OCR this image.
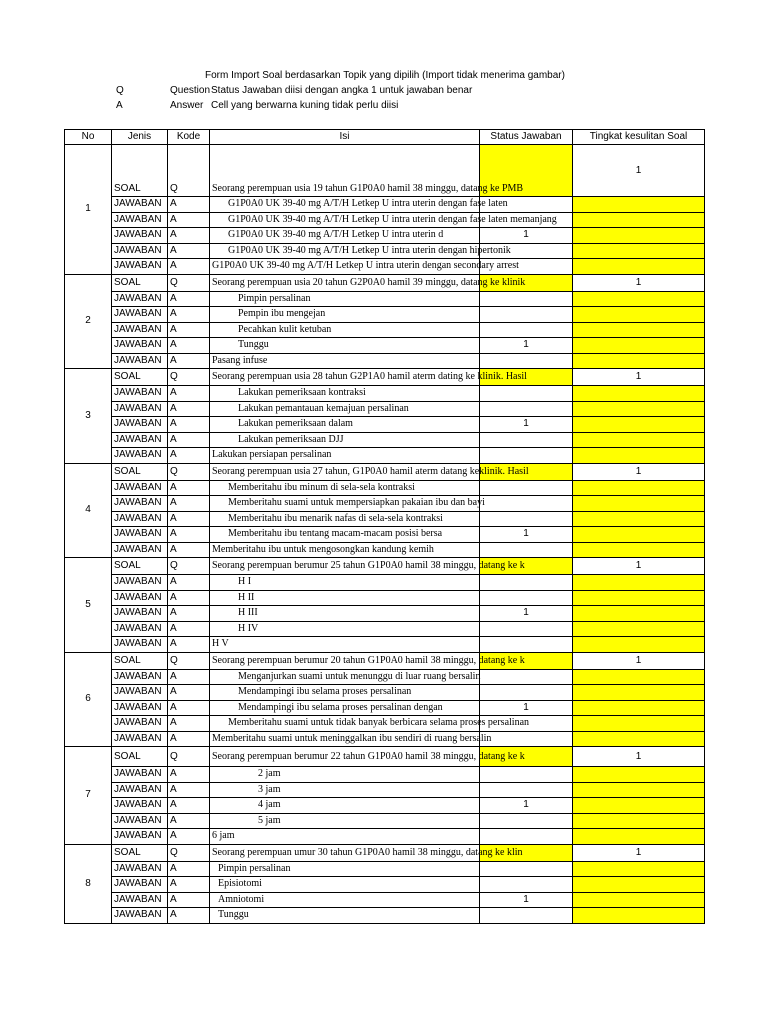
Form Import Soal berdasarkan Topik yang dipilih (Import tidak menerima gambar)
Q	Question Status Jawaban diisi dengan angka 1 untuk jawaban benar
A	Answer Cell yang berwarna kuning tidak perlu diisi
No	Jenis	Kode	Isi	Status Jawaban	Tingkat kesulitan Soal
1	SOAL	Q	Seorang perempuan usia 19 tahun G1P0A0 hamil 38 minggu, datang ke PMB		1
	JAWABAN	A	G1P0A0 UK 39-40 mg A/T/H Letkep U intra uterin dengan fase laten		
	JAWABAN	A	G1P0A0 UK 39-40 mg A/T/H Letkep U intra uterin dengan fase laten memanjang		
	JAWABAN	A	G1P0A0 UK 39-40 mg A/T/H Letkep U intra uterin d	1	
	JAWABAN	A	G1P0A0 UK 39-40 mg A/T/H Letkep U intra uterin dengan hipertonik		
	JAWABAN	A	G1P0A0 UK 39-40 mg A/T/H Letkep U intra uterin dengan secondary arrest		
2	SOAL	Q	Seorang perempuan usia 20 tahun G2P0A0 hamil 39 minggu, datang ke klinik		1
	JAWABAN	A	Pimpin persalinan		
	JAWABAN	A	Pempin ibu mengejan		
	JAWABAN	A	Pecahkan kulit ketuban		
	JAWABAN	A	Tunggu	1	
	JAWABAN	A	Pasang infuse		
3	SOAL	Q	Seorang perempuan usia 28 tahun G2P1A0 hamil aterm dating ke klinik. Hasil		1
	JAWABAN	A	Lakukan pemeriksaan kontraksi		
	JAWABAN	A	Lakukan pemantauan kemajuan persalinan		
	JAWABAN	A	Lakukan pemeriksaan dalam	1	
	JAWABAN	A	Lakukan pemeriksaan DJJ		
	JAWABAN	A	Lakukan persiapan persalinan		
4	SOAL	Q	Seorang perempuan usia 27 tahun, G1P0A0 hamil aterm datang keklinik. Hasil		1
	JAWABAN	A	Memberitahu ibu minum di sela-sela kontraksi		
	JAWABAN	A	Memberitahu suami untuk mempersiapkan pakaian ibu dan bayi		
	JAWABAN	A	Memberitahu ibu menarik nafas di sela-sela kontraksi		
	JAWABAN	A	Memberitahu ibu tentang macam-macam posisi bersa	1	
	JAWABAN	A	Memberitahu ibu untuk mengosongkan kandung kemih		
5	SOAL	Q	Seorang perempuan berumur 25 tahun G1P0A0 hamil 38 minggu, datang ke k		1
	JAWABAN	A	H I		
	JAWABAN	A	H II		
	JAWABAN	A	H III	1	
	JAWABAN	A	H IV		
	JAWABAN	A	H V		
6	SOAL	Q	Seorang perempuan berumur 20 tahun G1P0A0 hamil 38 minggu, datang ke k		1
	JAWABAN	A	Menganjurkan suami untuk menunggu di luar ruang bersalin		
	JAWABAN	A	Mendampingi ibu selama proses persalinan		
	JAWABAN	A	Mendampingi ibu selama proses persalinan dengan	1	
	JAWABAN	A	Memberitahu suami untuk tidak banyak berbicara selama proses persalinan		
	JAWABAN	A	Memberitahu suami untuk meninggalkan ibu sendiri di ruang bersalin		
7	SOAL	Q	Seorang perempuan berumur 22 tahun G1P0A0 hamil 38 minggu, datang ke k		1
	JAWABAN	A	2 jam		
	JAWABAN	A	3 jam		
	JAWABAN	A	4 jam	1	
	JAWABAN	A	5 jam		
	JAWABAN	A	6 jam		
8	SOAL	Q	Seorang perempuan umur 30 tahun G1P0A0 hamil 38 minggu, datang ke klin		1
	JAWABAN	A	Pimpin persalinan		
	JAWABAN	A	Episiotomi		
	JAWABAN	A	Amniotomi	1	
	JAWABAN	A	Tunggu		
